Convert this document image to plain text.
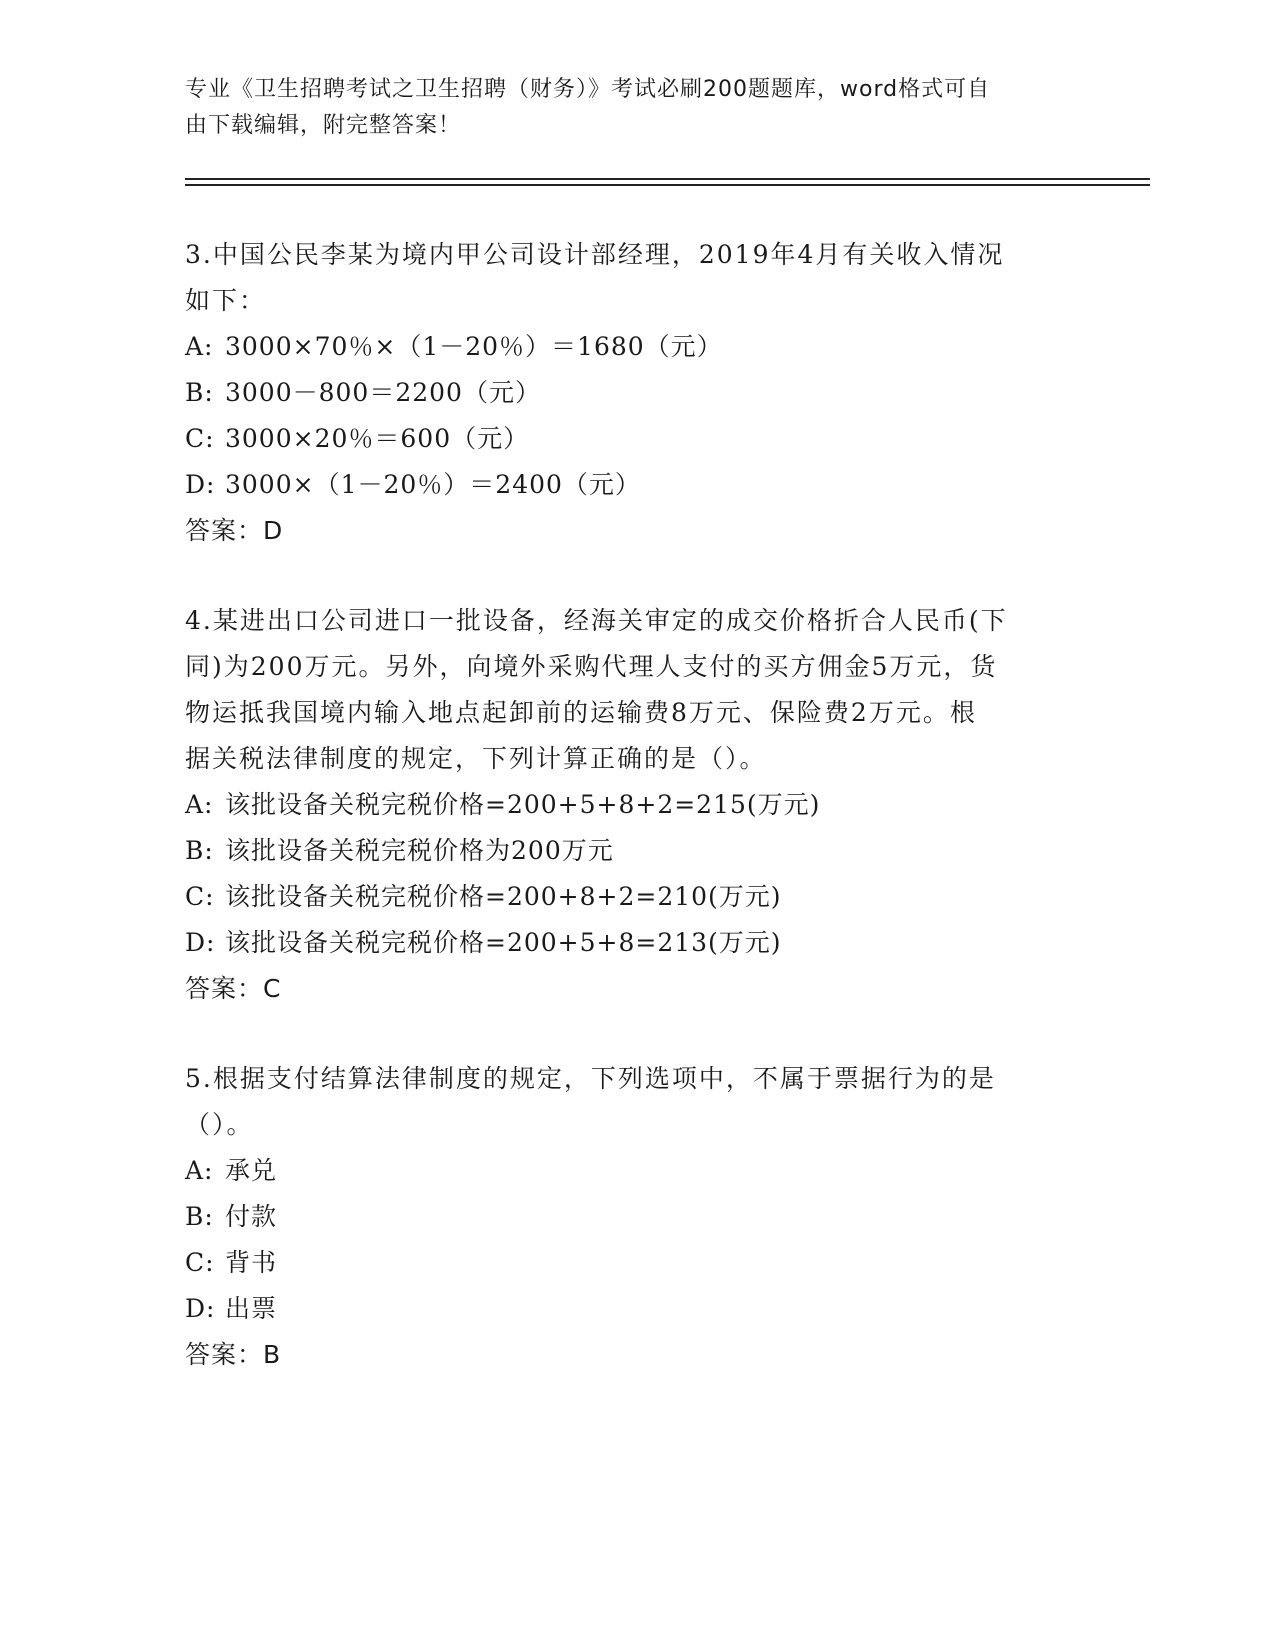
专业《卫生招聘考试之卫生招聘（财务）》考试必刷200题题库，word格式可自
由下载编辑，附完整答案！
3.中国公民李某为境内甲公司设计部经理，2019年4月有关收入情况
如下：
A: 3000×70％×（1－20％）＝1680（元）
B: 3000－800＝2200（元）
C: 3000×20％＝600（元）
D: 3000×（1－20％）＝2400（元）
答案：D
4.某进出口公司进口一批设备，经海关审定的成交价格折合人民币(下
同)为200万元。另外，向境外采购代理人支付的买方佣金5万元，货
物运抵我国境内输入地点起卸前的运输费8万元、保险费2万元。根
据关税法律制度的规定，下列计算正确的是（）。
A: 该批设备关税完税价格=200+5+8+2=215(万元)
B: 该批设备关税完税价格为200万元
C: 该批设备关税完税价格=200+8+2=210(万元)
D: 该批设备关税完税价格=200+5+8=213(万元)
答案：C
5.根据支付结算法律制度的规定，下列选项中，不属于票据行为的是
（）。
A: 承兑
B: 付款
C: 背书
D: 出票
答案：B
